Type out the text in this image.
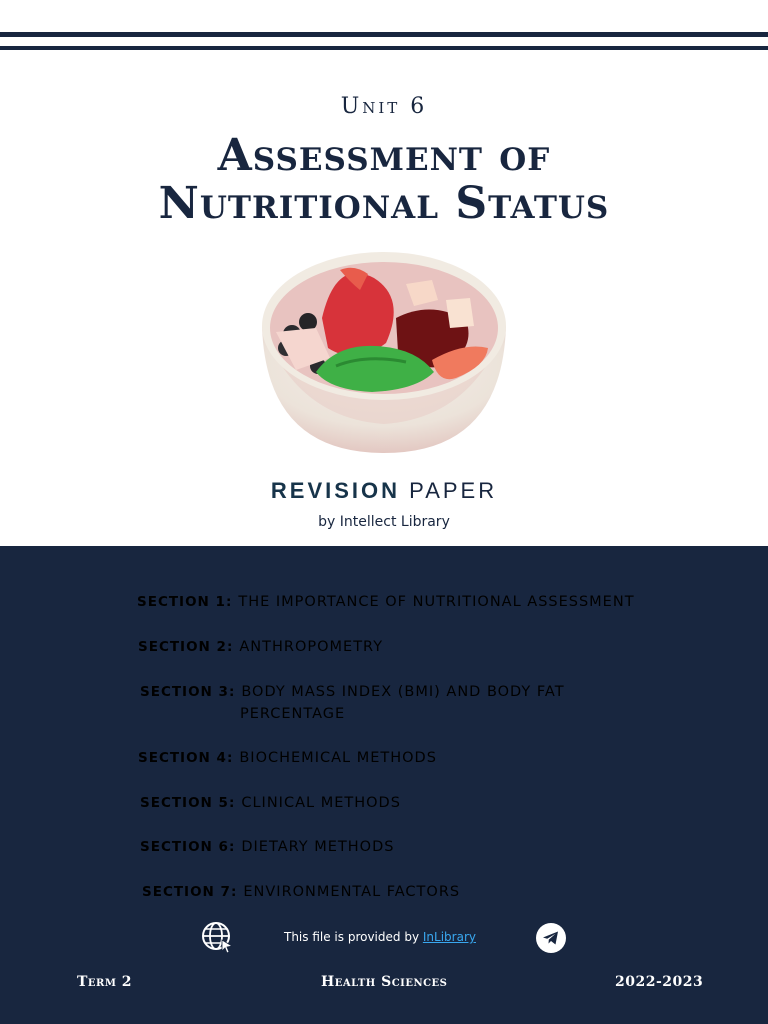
Unit 6
Assessment of
Nutritional Status
REVISION PAPER
by Intellect Library
SECTION 1: THE IMPORTANCE OF NUTRITIONAL ASSESSMENT
SECTION 2: ANTHROPOMETRY
SECTION 3: BODY MASS INDEX (BMI) AND BODY FAT
PERCENTAGE
SECTION 4: BIOCHEMICAL METHODS
SECTION 5: CLINICAL METHODS
SECTION 6: DIETARY METHODS
SECTION 7: ENVIRONMENTAL FACTORS
This file is provided by InLibrary
Term 2	Health Sciences	2022-2023
